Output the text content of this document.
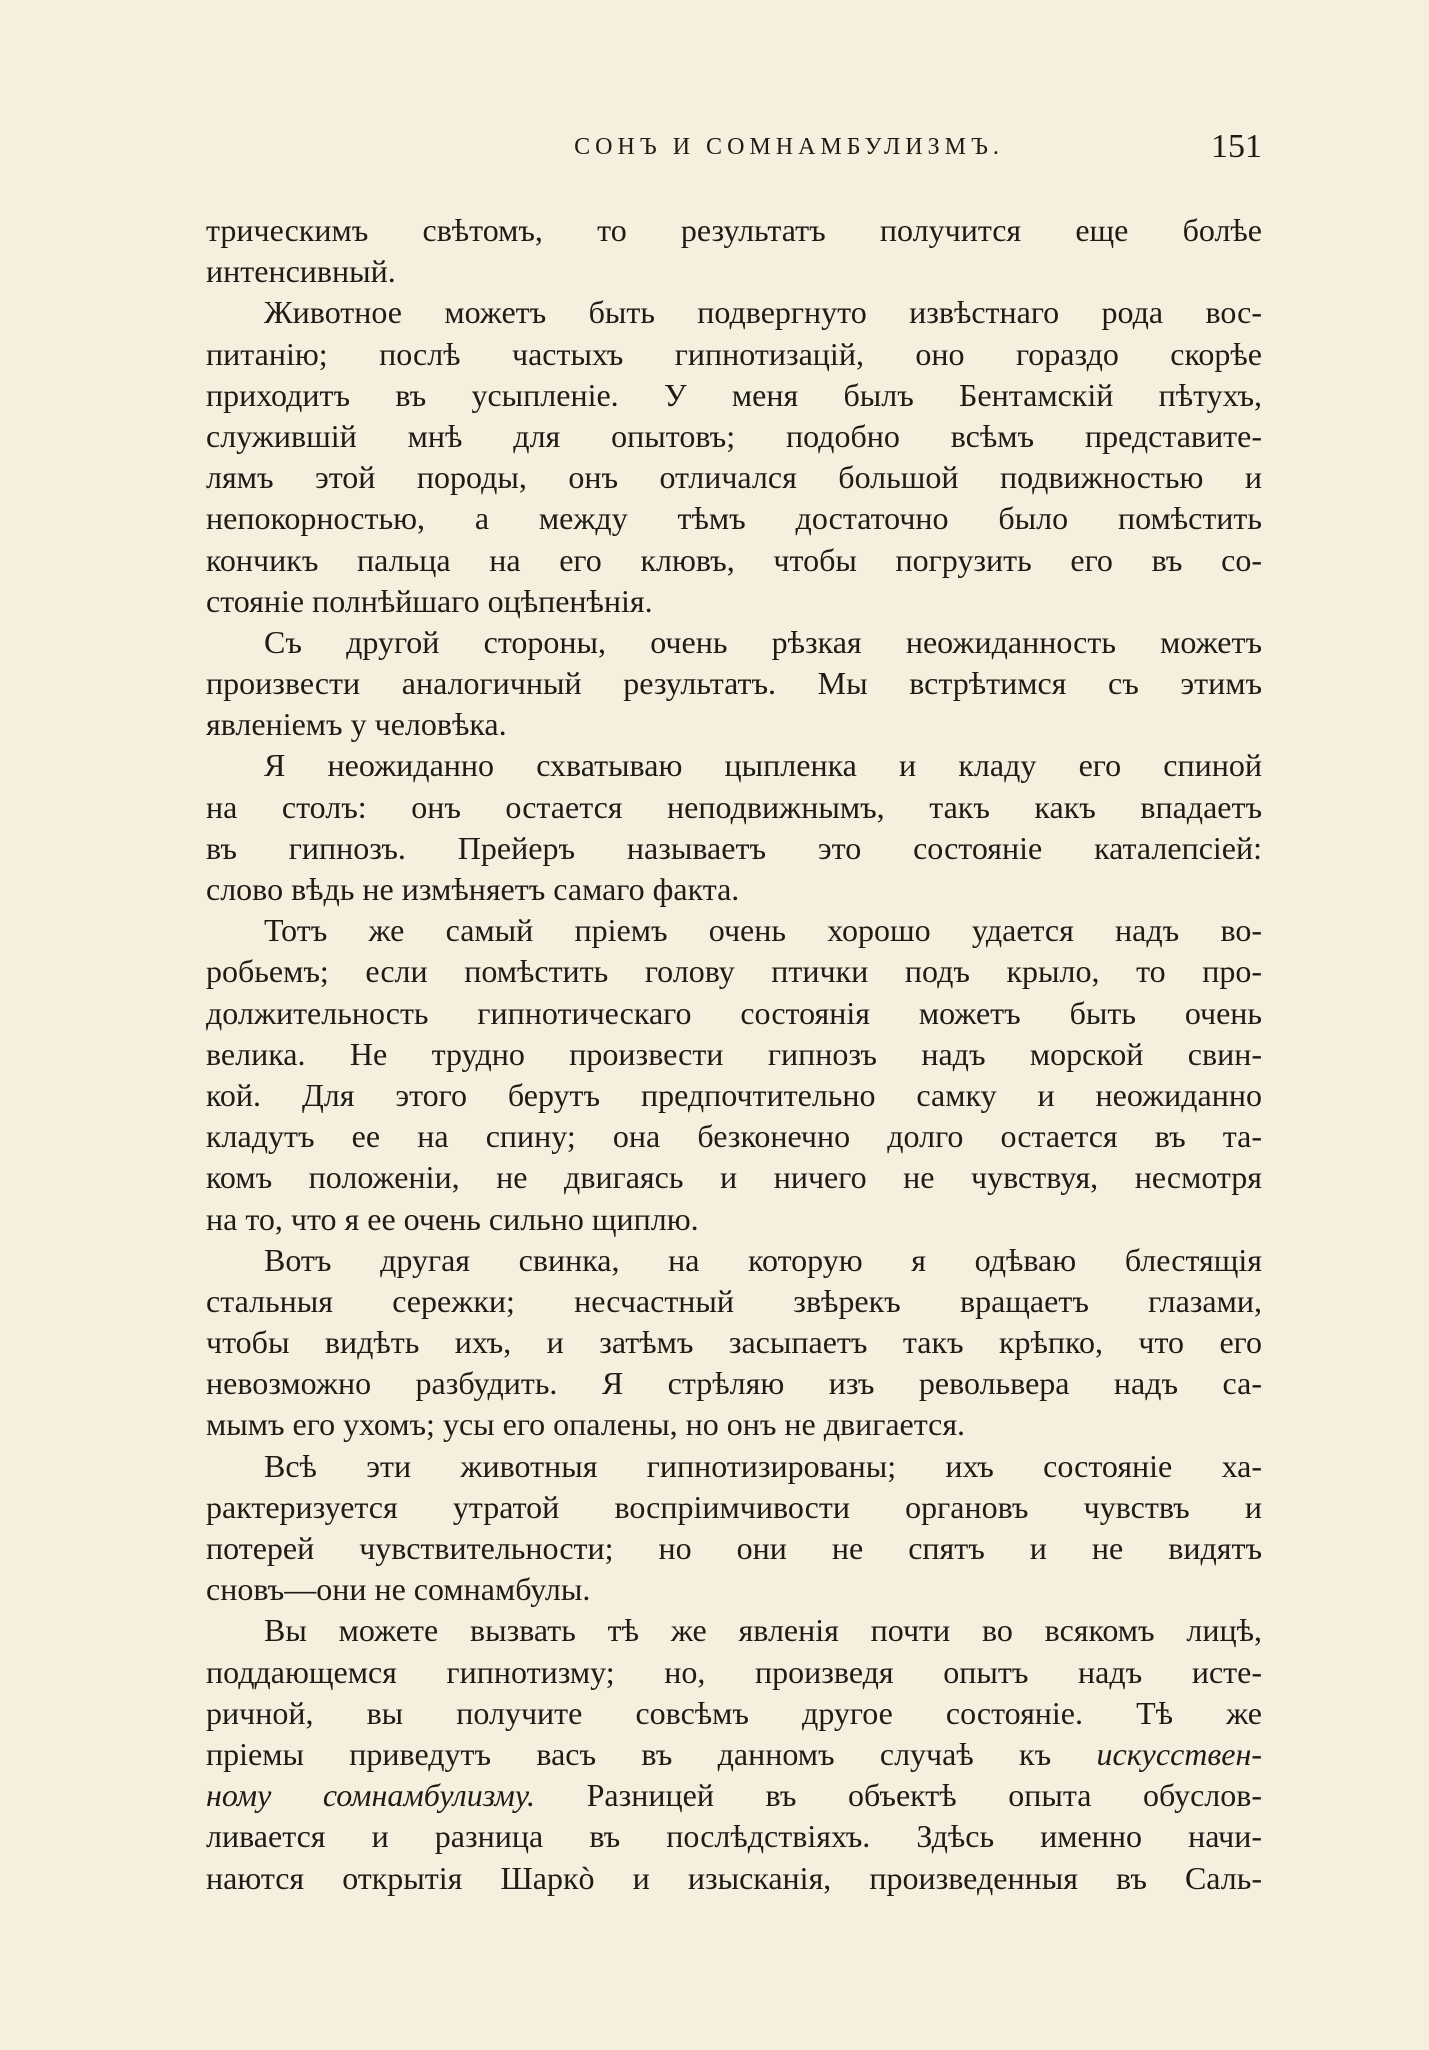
СОНЪ И СОМНАМБУЛИЗМЪ.	151
трическимъ свѣтомъ, то результатъ получится еще болѣе
интенсивный.
Животное можетъ быть подвергнуто извѣстнаго рода вос-
питанію; послѣ частыхъ гипнотизацій, оно гораздо скорѣе
приходитъ въ усыпленіе. У меня былъ Бентамскій пѣтухъ,
служившій мнѣ для опытовъ; подобно всѣмъ представите-
лямъ этой породы, онъ отличался большой подвижностью и
непокорностью, а между тѣмъ достаточно было помѣстить
кончикъ пальца на его клювъ, чтобы погрузить его въ со-
стояніе полнѣйшаго оцѣпенѣнія.
Съ другой стороны, очень рѣзкая неожиданность можетъ
произвести аналогичный результатъ. Мы встрѣтимся съ этимъ
явленіемъ у человѣка.
Я неожиданно схватываю цыпленка и кладу его спиной
на столъ: онъ остается неподвижнымъ, такъ какъ впадаетъ
въ гипнозъ. Прейеръ называетъ это состояніе каталепсіей:
слово вѣдь не измѣняетъ самаго факта.
Тотъ же самый пріемъ очень хорошо удается надъ во-
робьемъ; если помѣстить голову птички подъ крыло, то про-
должительность гипнотическаго состоянія можетъ быть очень
велика. Не трудно произвести гипнозъ надъ морской свин-
кой. Для этого берутъ предпочтительно самку и неожиданно
кладутъ ее на спину; она безконечно долго остается въ та-
комъ положеніи, не двигаясь и ничего не чувствуя, несмотря
на то, что я ее очень сильно щиплю.
Вотъ другая свинка, на которую я одѣваю блестящія
стальныя сережки; несчастный звѣрекъ вращаетъ глазами,
чтобы видѣть ихъ, и затѣмъ засыпаетъ такъ крѣпко, что его
невозможно разбудить. Я стрѣляю изъ револьвера надъ са-
мымъ его ухомъ; усы его опалены, но онъ не двигается.
Всѣ эти животныя гипнотизированы; ихъ состояніе ха-
рактеризуется утратой воспріимчивости органовъ чувствъ и
потерей чувствительности; но они не спятъ и не видятъ
сновъ—они не сомнамбулы.
Вы можете вызвать тѣ же явленія почти во всякомъ лицѣ,
поддающемся гипнотизму; но, произведя опытъ надъ исте-
ричной, вы получите совсѣмъ другое состояніе. Тѣ же
пріемы приведутъ васъ въ данномъ случаѣ къ искусствен-
ному сомнамбулизму. Разницей въ объектѣ опыта обуслов-
ливается и разница въ послѣдствіяхъ. Здѣсь именно начи-
наются открытія Шаркò и изысканія, произведенныя въ Саль-
